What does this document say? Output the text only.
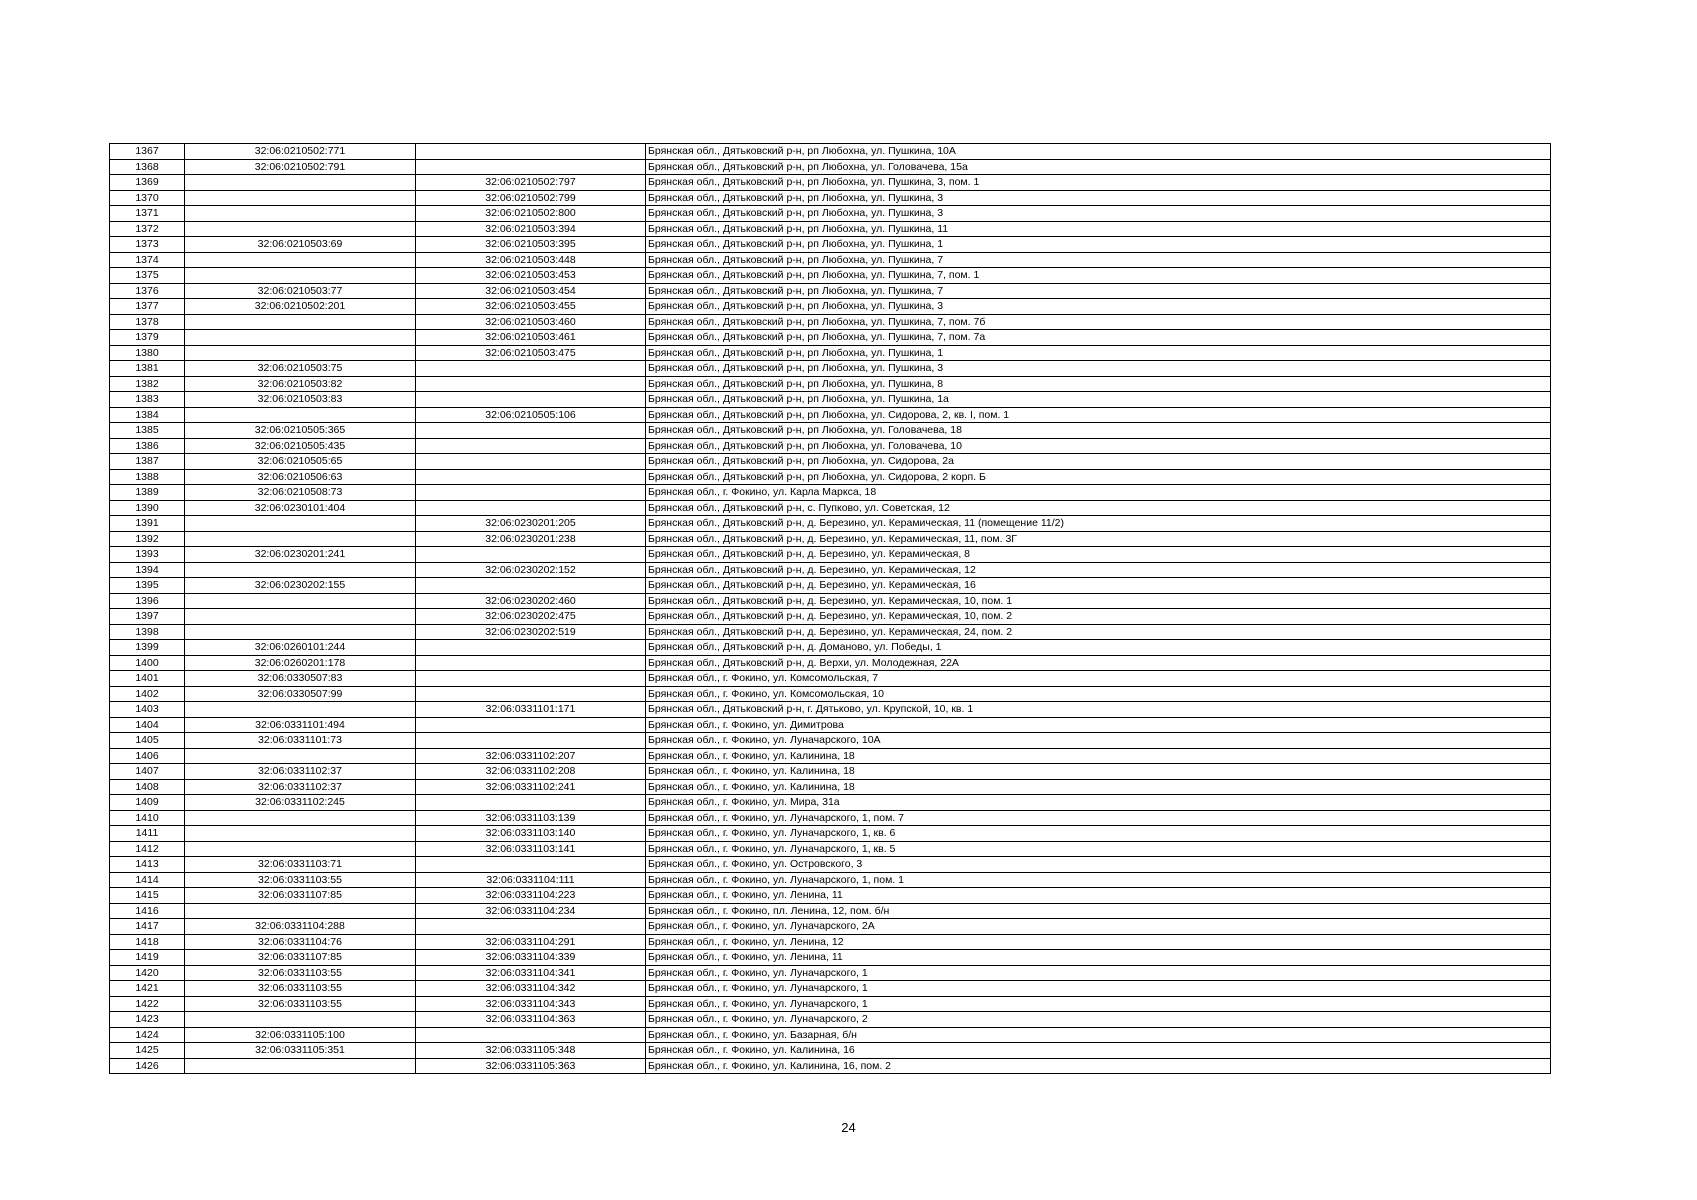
1367	32:06:0210502:771		Брянская обл., Дятьковский р-н, рп Любохна, ул. Пушкина, 10А
1368	32:06:0210502:791		Брянская обл., Дятьковский р-н, рп Любохна, ул. Головачева, 15а
1369		32:06:0210502:797	Брянская обл., Дятьковский р-н, рп Любохна, ул. Пушкина, 3, пом. 1
1370		32:06:0210502:799	Брянская обл., Дятьковский р-н, рп Любохна, ул. Пушкина, 3
1371		32:06:0210502:800	Брянская обл., Дятьковский р-н, рп Любохна, ул. Пушкина, 3
1372		32:06:0210503:394	Брянская обл., Дятьковский р-н, рп Любохна, ул. Пушкина, 11
1373	32:06:0210503:69	32:06:0210503:395	Брянская обл., Дятьковский р-н, рп Любохна, ул. Пушкина, 1
1374		32:06:0210503:448	Брянская обл., Дятьковский р-н, рп Любохна, ул. Пушкина, 7
1375		32:06:0210503:453	Брянская обл., Дятьковский р-н, рп Любохна, ул. Пушкина, 7, пом. 1
1376	32:06:0210503:77	32:06:0210503:454	Брянская обл., Дятьковский р-н, рп Любохна, ул. Пушкина, 7
1377	32:06:0210502:201	32:06:0210503:455	Брянская обл., Дятьковский р-н, рп Любохна, ул. Пушкина, 3
1378		32:06:0210503:460	Брянская обл., Дятьковский р-н, рп Любохна, ул. Пушкина, 7, пом. 7б
1379		32:06:0210503:461	Брянская обл., Дятьковский р-н, рп Любохна, ул. Пушкина, 7, пом. 7а
1380		32:06:0210503:475	Брянская обл., Дятьковский р-н, рп Любохна, ул. Пушкина, 1
1381	32:06:0210503:75		Брянская обл., Дятьковский р-н, рп Любохна, ул. Пушкина, 3
1382	32:06:0210503:82		Брянская обл., Дятьковский р-н, рп Любохна, ул. Пушкина, 8
1383	32:06:0210503:83		Брянская обл., Дятьковский р-н, рп Любохна, ул. Пушкина, 1а
1384		32:06:0210505:106	Брянская обл., Дятьковский р-н, рп Любохна, ул. Сидорова, 2, кв. I, пом. 1
1385	32:06:0210505:365		Брянская обл., Дятьковский р-н, рп Любохна, ул. Головачева, 18
1386	32:06:0210505:435		Брянская обл., Дятьковский р-н, рп Любохна, ул. Головачева, 10
1387	32:06:0210505:65		Брянская обл., Дятьковский р-н, рп Любохна, ул. Сидорова, 2а
1388	32:06:0210506:63		Брянская обл., Дятьковский р-н, рп Любохна, ул. Сидорова, 2 корп. Б
1389	32:06:0210508:73		Брянская обл., г. Фокино, ул. Карла Маркса, 18
1390	32:06:0230101:404		Брянская обл., Дятьковский р-н, с. Пупково, ул. Советская, 12
1391		32:06:0230201:205	Брянская обл., Дятьковский р-н, д. Березино, ул. Керамическая, 11 (помещение 11/2)
1392		32:06:0230201:238	Брянская обл., Дятьковский р-н, д. Березино, ул. Керамическая, 11, пом. 3Г
1393	32:06:0230201:241		Брянская обл., Дятьковский р-н, д. Березино, ул. Керамическая, 8
1394		32:06:0230202:152	Брянская обл., Дятьковский р-н, д. Березино, ул. Керамическая, 12
1395	32:06:0230202:155		Брянская обл., Дятьковский р-н, д. Березино, ул. Керамическая, 16
1396		32:06:0230202:460	Брянская обл., Дятьковский р-н, д. Березино, ул. Керамическая, 10, пом. 1
1397		32:06:0230202:475	Брянская обл., Дятьковский р-н, д. Березино, ул. Керамическая, 10, пом. 2
1398		32:06:0230202:519	Брянская обл., Дятьковский р-н, д. Березино, ул. Керамическая, 24, пом. 2
1399	32:06:0260101:244		Брянская обл., Дятьковский р-н, д. Доманово, ул. Победы, 1
1400	32:06:0260201:178		Брянская обл., Дятьковский р-н, д. Верхи, ул. Молодежная, 22А
1401	32:06:0330507:83		Брянская обл., г. Фокино, ул. Комсомольская, 7
1402	32:06:0330507:99		Брянская обл., г. Фокино, ул. Комсомольская, 10
1403		32:06:0331101:171	Брянская обл., Дятьковский р-н, г. Дятьково, ул. Крупской, 10, кв. 1
1404	32:06:0331101:494		Брянская обл., г. Фокино, ул. Димитрова
1405	32:06:0331101:73		Брянская обл., г. Фокино, ул. Луначарского, 10А
1406		32:06:0331102:207	Брянская обл., г. Фокино, ул. Калинина, 18
1407	32:06:0331102:37	32:06:0331102:208	Брянская обл., г. Фокино, ул. Калинина, 18
1408	32:06:0331102:37	32:06:0331102:241	Брянская обл., г. Фокино, ул. Калинина, 18
1409	32:06:0331102:245		Брянская обл., г. Фокино, ул. Мира, 31а
1410		32:06:0331103:139	Брянская обл., г. Фокино, ул. Луначарского, 1, пом. 7
1411		32:06:0331103:140	Брянская обл., г. Фокино, ул. Луначарского, 1, кв. 6
1412		32:06:0331103:141	Брянская обл., г. Фокино, ул. Луначарского, 1, кв. 5
1413	32:06:0331103:71		Брянская обл., г. Фокино, ул. Островского, 3
1414	32:06:0331103:55	32:06:0331104:111	Брянская обл., г. Фокино, ул. Луначарского, 1, пом. 1
1415	32:06:0331107:85	32:06:0331104:223	Брянская обл., г. Фокино, ул. Ленина, 11
1416		32:06:0331104:234	Брянская обл., г. Фокино, пл. Ленина, 12, пом. б/н
1417	32:06:0331104:288		Брянская обл., г. Фокино, ул. Луначарского, 2А
1418	32:06:0331104:76	32:06:0331104:291	Брянская обл., г. Фокино, ул. Ленина, 12
1419	32:06:0331107:85	32:06:0331104:339	Брянская обл., г. Фокино, ул. Ленина, 11
1420	32:06:0331103:55	32:06:0331104:341	Брянская обл., г. Фокино, ул. Луначарского, 1
1421	32:06:0331103:55	32:06:0331104:342	Брянская обл., г. Фокино, ул. Луначарского, 1
1422	32:06:0331103:55	32:06:0331104:343	Брянская обл., г. Фокино, ул. Луначарского, 1
1423		32:06:0331104:363	Брянская обл., г. Фокино, ул. Луначарского, 2
1424	32:06:0331105:100		Брянская обл., г. Фокино, ул. Базарная, б/н
1425	32:06:0331105:351	32:06:0331105:348	Брянская обл., г. Фокино, ул. Калинина, 16
1426		32:06:0331105:363	Брянская обл., г. Фокино, ул. Калинина, 16, пом. 2
24
